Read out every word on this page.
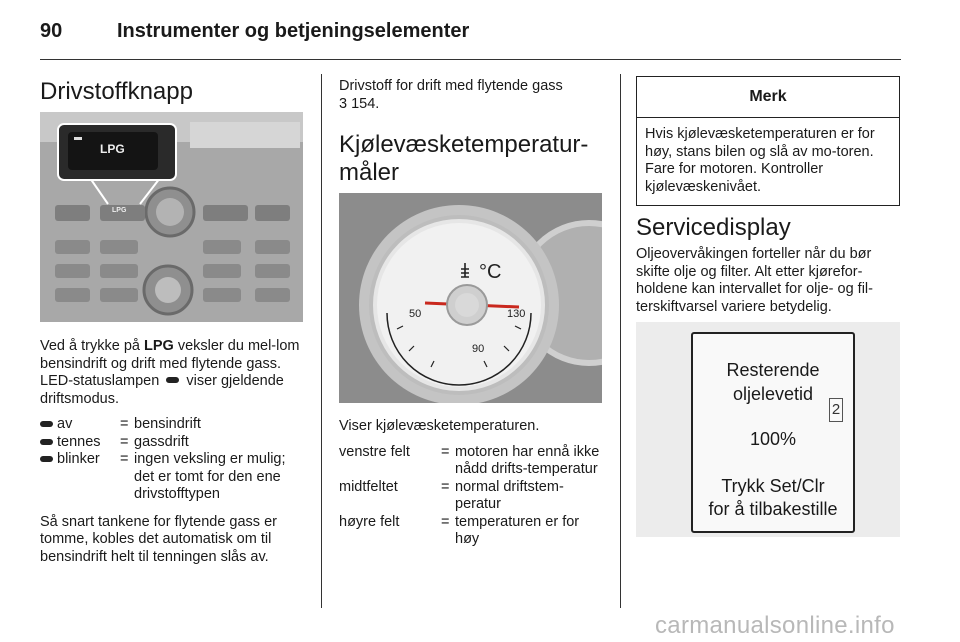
90	Instrumenter og betjeningselementer
Drivstoffknapp
LPG
LPG

Ved å trykke på LPG veksler du mel-lom bensindrift og drift med flytende gass. LED-statuslampen  viser gjeldende driftsmodus.

av	= bensindrift
tennes = gassdrift
blinker = ingen veksling er mulig; det er tomt for den ene drivstofftypen

Så snart tankene for flytende gass er tomme, kobles det automatisk om til bensindrift helt til tenningen slås av.

Drivstoff for drift med flytende gass

3 154.

Kjølevæsketemperatur-
måler
°C
50
90
130

Viser kjølevæsketemperaturen.

venstre felt	= motoren har ennå ikke nådd drifts-temperatur
midtfeltet	= normal driftstem-peratur
høyre felt	= temperaturen er for høy
Merk
Hvis kjølevæsketemperaturen er for høy, stans bilen og slå av mo-toren. Fare for motoren. Kontroller kjølevæskenivået.
Servicedisplay

Oljeovervåkingen forteller når du bør skifte olje og filter. Alt etter kjørefor-holdene kan intervallet for olje- og fil-terskiftvarsel variere betydelig.

Resterende
oljelevetid
100%
Trykk Set/Clr
for å tilbakestille
2
carmanualsonline.info
